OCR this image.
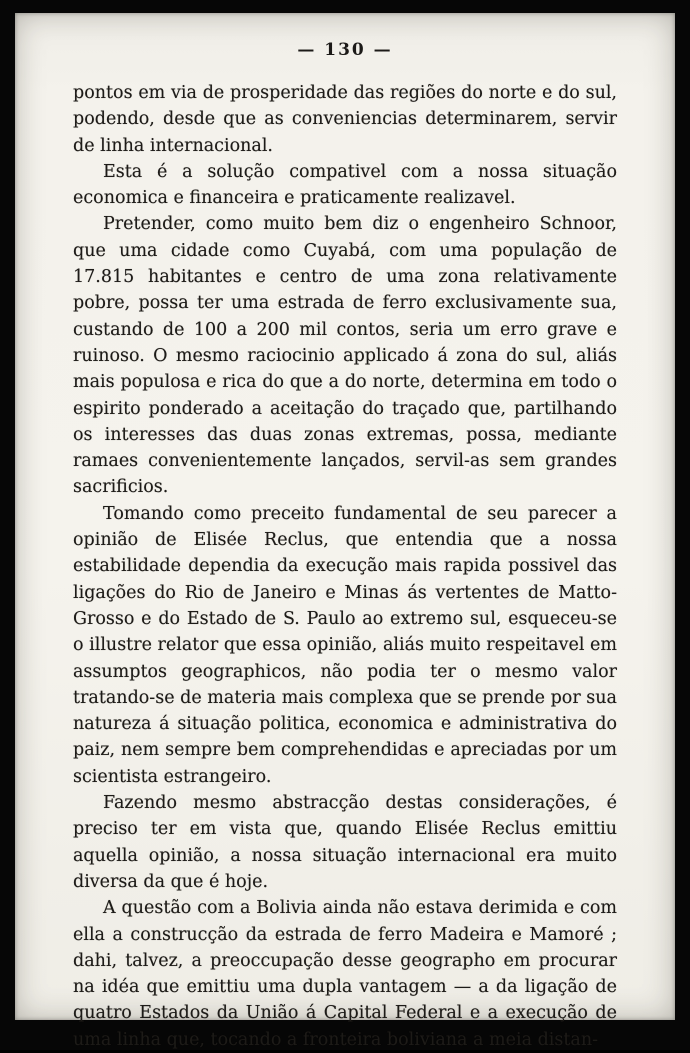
— 130 —

pontos em via de prosperidade das regiões do norte e do sul, podendo, desde que as conveniencias determinarem, servir de linha internacional.

Esta é a solução compativel com a nossa situação economica e financeira e praticamente realizavel.

Pretender, como muito bem diz o engenheiro Schnoor, que uma cidade como Cuyabá, com uma população de 17.815 habitantes e centro de uma zona relativamente pobre, possa ter uma estrada de ferro exclusivamente sua, custando de 100 a 200 mil contos, seria um erro grave e ruinoso. O mesmo raciocinio applicado á zona do sul, aliás mais populosa e rica do que a do norte, determina em todo o espirito ponderado a aceitação do traçado que, partilhando os interesses das duas zonas extremas, possa, mediante ramaes convenientemente lançados, servil-as sem grandes sacrificios.

Tomando como preceito fundamental de seu parecer a opinião de Elisée Reclus, que entendia que a nossa estabilidade dependia da execução mais rapida possivel das ligações do Rio de Janeiro e Minas ás vertentes de Matto-Grosso e do Estado de S. Paulo ao extremo sul, esqueceu-se o illustre relator que essa opinião, aliás muito respeitavel em assumptos geographicos, não podia ter o mesmo valor tratando-se de materia mais complexa que se prende por sua natureza á situação politica, economica e administrativa do paiz, nem sempre bem comprehendidas e apreciadas por um scientista estrangeiro.

Fazendo mesmo abstracção destas considerações, é preciso ter em vista que, quando Elisée Reclus emittiu aquella opinião, a nossa situação internacional era muito diversa da que é hoje.

A questão com a Bolivia ainda não estava derimida e com ella a construcção da estrada de ferro Madeira e Mamoré ; dahi, talvez, a preoccupação desse geographo em procurar na idéa que emittiu uma dupla vantagem — a da ligação de quatro Estados da União á Capital Federal e a execução de uma linha que, tocando a fronteira boliviana a meia distan-
